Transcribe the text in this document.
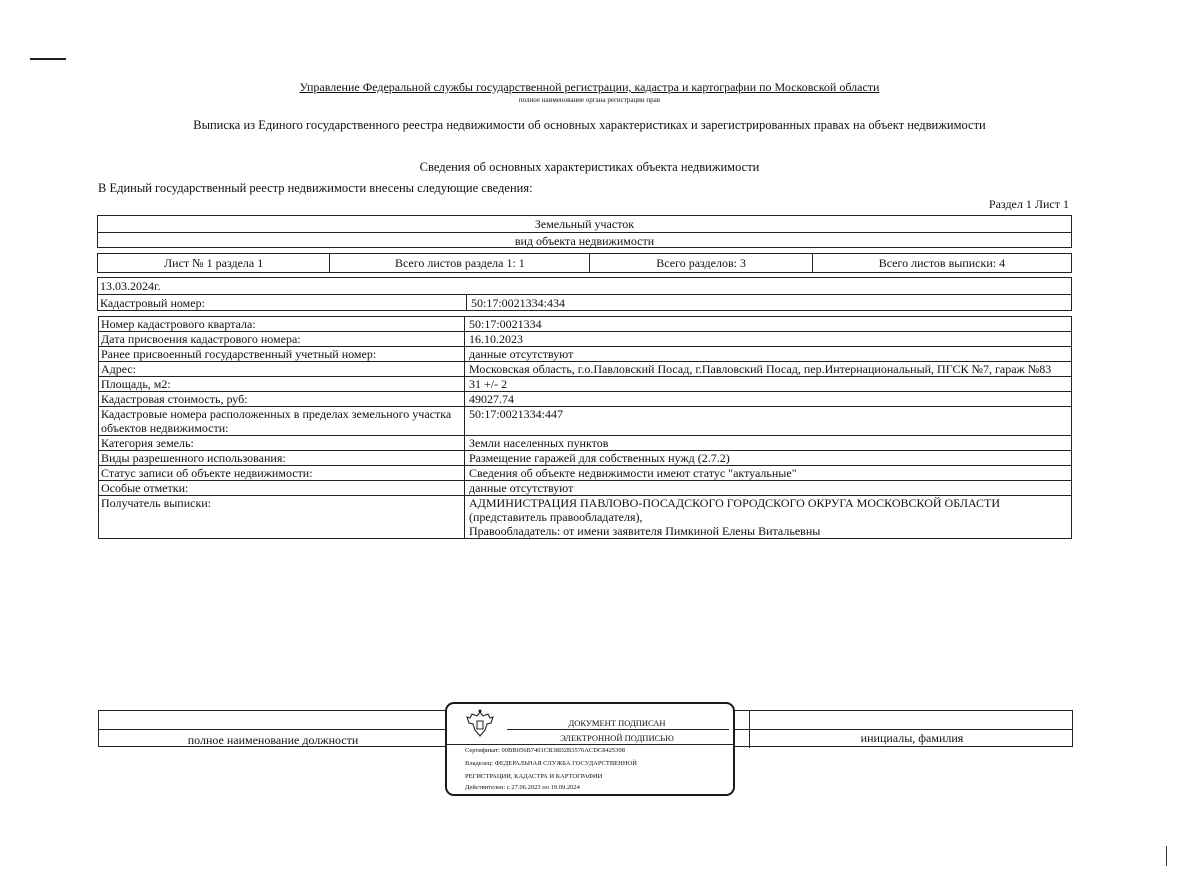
Управление Федеральной службы государственной регистрации, кадастра и картографии по Московской области
полное наименование органа регистрации прав
Выписка из Единого государственного реестра недвижимости об основных характеристиках и зарегистрированных правах на объект недвижимости
Сведения об основных характеристиках объекта недвижимости
В Единый государственный реестр недвижимости внесены следующие сведения:
Раздел 1 Лист 1
Земельный участок
вид объекта недвижимости
Лист № 1 раздела 1	Всего листов раздела 1: 1	Всего разделов: 3	Всего листов выписки: 4
13.03.2024г.
Кадастровый номер:	50:17:0021334:434
Номер кадастрового квартала:	50:17:0021334
Дата присвоения кадастрового номера:	16.10.2023
Ранее присвоенный государственный учетный номер:	данные отсутствуют
Адрес:	Московская область, г.о.Павловский Посад, г.Павловский Посад, пер.Интернациональный, ПГСК №7, гараж №83
Площадь, м2:	31 +/- 2
Кадастровая стоимость, руб:	49027.74
Кадастровые номера расположенных в пределах земельного участка объектов недвижимости:	50:17:0021334:447
Категория земель:	Земли населенных пунктов
Виды разрешенного использования:	Размещение гаражей для собственных нужд (2.7.2)
Статус записи об объекте недвижимости:	Сведения об объекте недвижимости имеют статус "актуальные"
Особые отметки:	данные отсутствуют
Получатель выписки:	АДМИНИСТРАЦИЯ ПАВЛОВО-ПОСАДСКОГО ГОРОДСКОГО ОКРУГА МОСКОВСКОЙ ОБЛАСТИ
(представитель правообладателя),
Правообладатель: от имени заявителя Пимкиной Елены Витальевны
полное наименование должности	инициалы, фамилия
ДОКУМЕНТ ПОДПИСАН
ЭЛЕКТРОННОЙ ПОДПИСЬЮ
Сертификат: 00BB056B7401CB38D2B3576ACDC8425308
Владелец: ФЕДЕРАЛЬНАЯ СЛУЖБА ГОСУДАРСТВЕННОЙ
РЕГИСТРАЦИИ, КАДАСТРА И КАРТОГРАФИИ
Действителен: с 27.06.2023 по 19.09.2024
